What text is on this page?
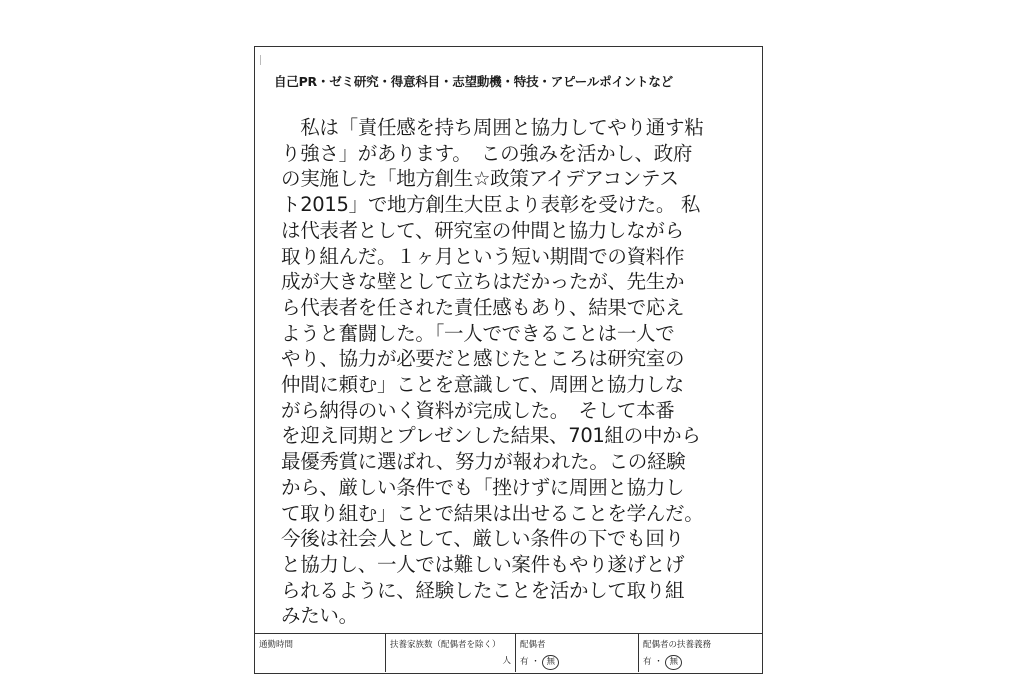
自己PR・ゼミ研究・得意科目・志望動機・特技・アピールポイントなど
　私は「責任感を持ち周囲と協力してやり通す粘
り強さ」があります。　この強みを活かし、政府
の実施した「地方創生☆政策アイデアコンテス
ト2015」で地方創生大臣より表彰を受けた。 私
は代表者として、研究室の仲間と協力しながら
取り組んだ。１ヶ月という短い期間での資料作
成が大きな壁として立ちはだかったが、先生か
ら代表者を任された責任感もあり、結果で応え
ようと奮闘した。「一人でできることは一人で
やり、協力が必要だと感じたところは研究室の
仲間に頼む」ことを意識して、周囲と協力しな
がら納得のいく資料が完成した。　そして本番
を迎え同期とプレゼンした結果、701組の中から
最優秀賞に選ばれ、努力が報われた。この経験
から、厳しい条件でも「挫けずに周囲と協力し
て取り組む」ことで結果は出せることを学んだ。
今後は社会人として、厳しい条件の下でも回り
と協力し、一人では難しい案件もやり遂げとげ
られるように、経験したことを活かして取り組
みたい。
通勤時間	扶養家族数（配偶者を除く）
人
配偶者
有 ・ 無
配偶者の扶養義務
有 ・ 無
